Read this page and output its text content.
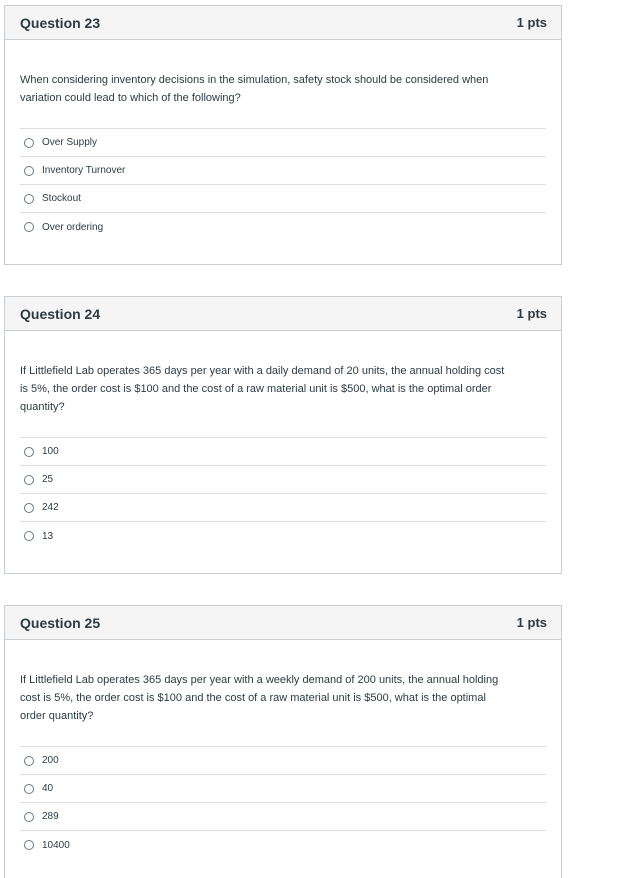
Question 23	1 pts
When considering inventory decisions in the simulation, safety stock should be considered when
variation could lead to which of the following?
Over Supply
Inventory Turnover
Stockout
Over ordering
Question 24	1 pts
If Littlefield Lab operates 365 days per year with a daily demand of 20 units, the annual holding cost
is 5%, the order cost is $100 and the cost of a raw material unit is $500, what is the optimal order
quantity?
100
25
242
13
Question 25	1 pts
If Littlefield Lab operates 365 days per year with a weekly demand of 200 units, the annual holding
cost is 5%, the order cost is $100 and the cost of a raw material unit is $500, what is the optimal
order quantity?
200
40
289
10400
